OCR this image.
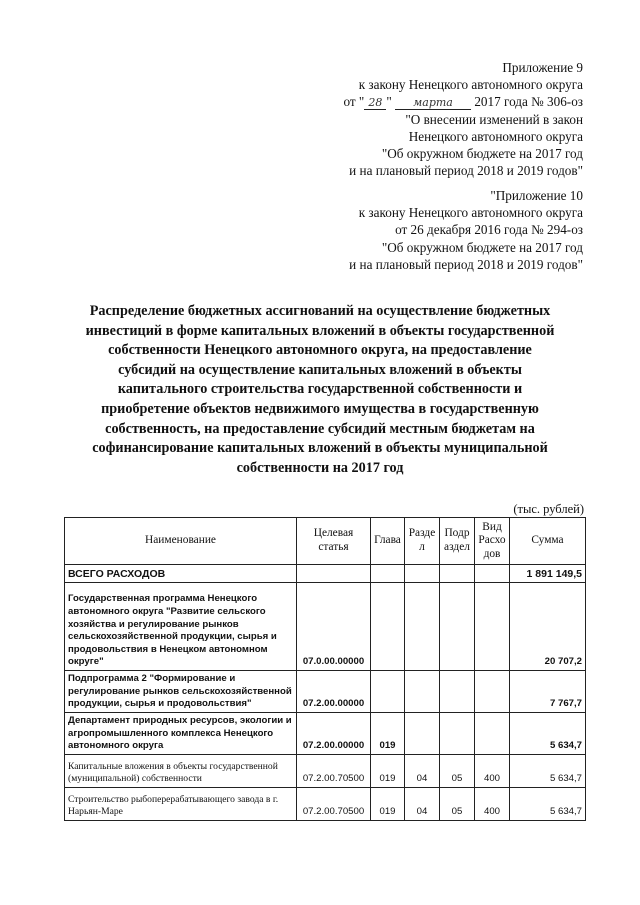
Приложение 9
к закону Ненецкого автономного округа
от " 28 " марта 2017 года № 306-оз
"О внесении изменений в закон
Ненецкого автономного округа
"Об окружном бюджете на 2017 год
и на плановый период 2018 и 2019 годов"
"Приложение 10
к закону Ненецкого автономного округа
от 26 декабря 2016 года № 294-оз
"Об окружном бюджете на 2017 год
и на плановый период 2018 и 2019 годов"
Распределение бюджетных ассигнований на осуществление бюджетных
инвестиций в форме капитальных вложений в объекты государственной
собственности Ненецкого автономного округа, на предоставление
субсидий на осуществление капитальных вложений в объекты
капитального строительства государственной собственности и
приобретение объектов недвижимого имущества в государственную
собственность, на предоставление субсидий местным бюджетам на
софинансирование капитальных вложений в объекты муниципальной
собственности на 2017 год
(тыс. рублей)
Наименование	Целевая статья	Глава	Разде л	Подр аздел	Вид Расхо дов	Сумма
ВСЕГО РАСХОДОВ						1 891 149,5
Государственная программа Ненецкого автономного округа "Развитие сельского хозяйства и регулирование рынков сельскохозяйственной продукции, сырья и продовольствия в Ненецком автономном округе"	07.0.00.00000					20 707,2
Подпрограмма 2 "Формирование и регулирование рынков сельскохозяйственной продукции, сырья и продовольствия"	07.2.00.00000					7 767,7
Департамент природных ресурсов, экологии и агропромышленного комплекса Ненецкого автономного округа	07.2.00.00000	019				5 634,7
Капитальные вложения в объекты государственной (муниципальной) собственности	07.2.00.70500	019	04	05	400	5 634,7
Строительство рыбоперерабатывающего завода в г. Нарьян-Маре	07.2.00.70500	019	04	05	400	5 634,7
